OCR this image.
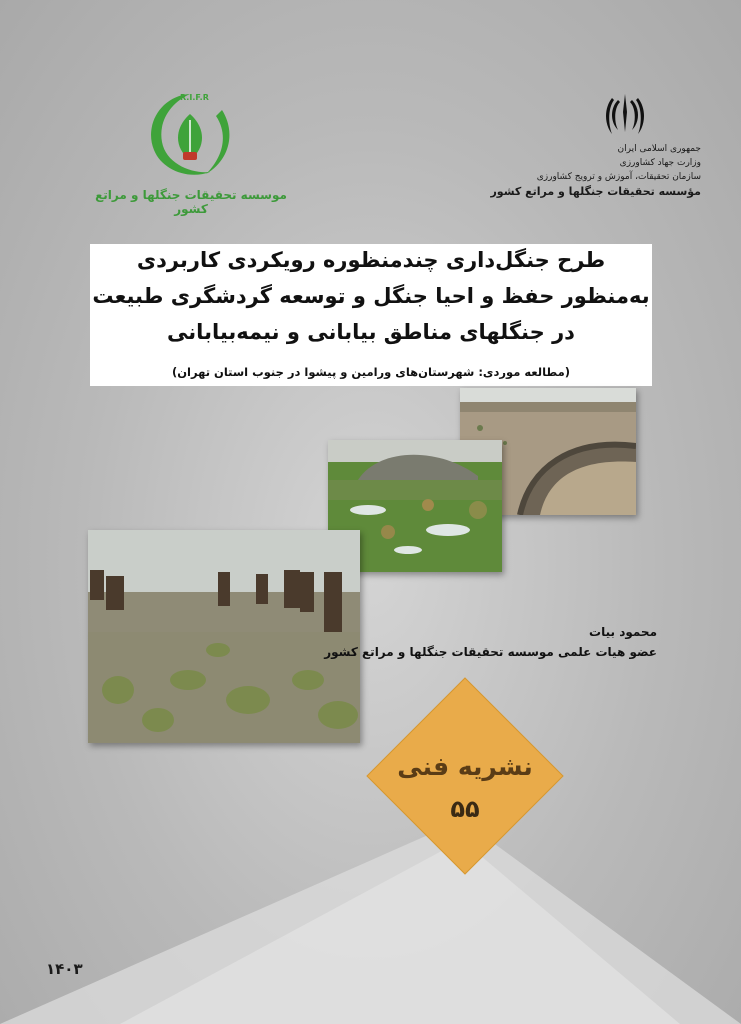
R.I.F.R
موسسه تحقیقات جنگلها و مراتع کشور
جمهوری اسلامی ایران
وزارت جهاد کشاورزی
سازمان تحقیقات، آموزش و ترویج کشاورزی
مؤسسه تحقیقات جنگلها و مراتع کشور
طرح جنگل‌داری چندمنظوره رویکردی کاربردی
به‌منظور حفظ و احیا جنگل و توسعه گردشگری طبیعت
در جنگلهای مناطق بیابانی و نیمه‌بیابانی
(مطالعه موردی: شهرستان‌های ورامین و پیشوا در جنوب استان تهران)
محمود بیات
عضو هیات علمی موسسه تحقیقات جنگلها و مراتع کشور
نشریه فنی
۵۵
۱۴۰۳
